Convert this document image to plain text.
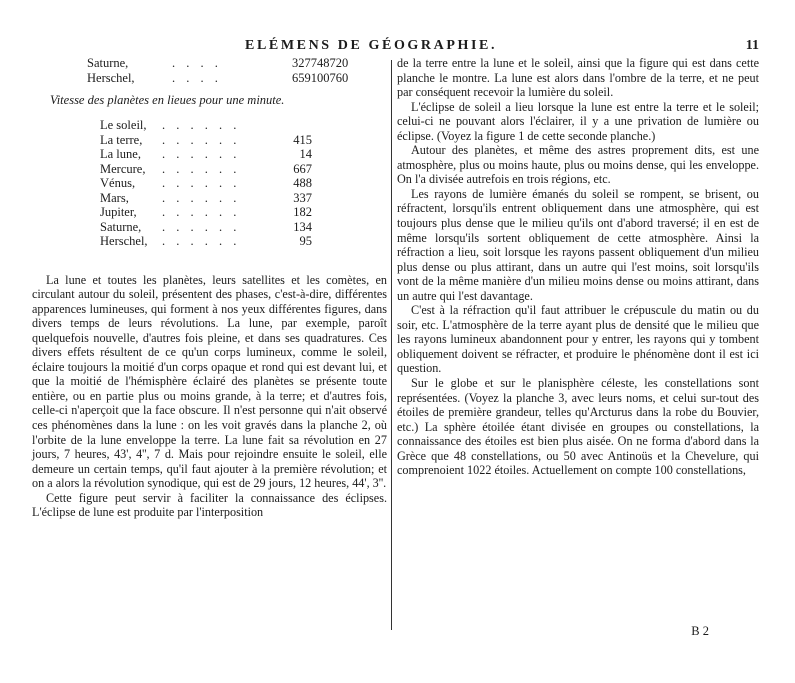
ELÉMENS DE GÉOGRAPHIE.	11
Saturne,	. . . .	327748720
Herschel,	. . . .	659100760
Vitesse des planètes en lieues pour une minute.
Le soleil, . . . . . .
La terre, . . . . . .	415
La lune, . . . . . .	14
Mercure, . . . . . .	667
Vénus, . . . . . .	488
Mars,	. . . . . .	337
Jupiter, . . . . . .	182
Saturne, . . . . . .	134
Herschel, . . . . . .	95

La lune et toutes les planètes, leurs satellites et les comètes, en circulant autour du soleil, présentent des phases, c'est-à-dire, différentes apparences lumineuses, qui forment à nos yeux différentes figures, dans divers temps de leurs révolutions. La lune, par exemple, paroît quelquefois nouvelle, d'autres fois pleine, et dans ses quadratures. Ces divers effets résultent de ce qu'un corps lumineux, comme le soleil, éclaire toujours la moitié d'un corps opaque et rond qui est devant lui, et que la moitié de l'hémisphère éclairé des planètes se présente toute entière, ou en partie plus ou moins grande, à la terre; et d'autres fois, celle-ci n'aperçoit que la face obscure. Il n'est personne qui n'ait observé ces phénomènes dans la lune : on les voit gravés dans la planche 2, où l'orbite de la lune enveloppe la terre. La lune fait sa révolution en 27 jours, 7 heures, 43', 4'', 7 d. Mais pour rejoindre ensuite le soleil, elle demeure un certain temps, qu'il faut ajouter à la première révolution; et on a alors la révolution synodique, qui est de 29 jours, 12 heures, 44', 3''.

Cette figure peut servir à faciliter la connaissance des éclipses. L'éclipse de lune est produite par l'interposition

de la terre entre la lune et le soleil, ainsi que la figure qui est dans cette planche le montre. La lune est alors dans l'ombre de la terre, et ne peut par conséquent recevoir la lumière du soleil.

L'éclipse de soleil a lieu lorsque la lune est entre la terre et le soleil; celui-ci ne pouvant alors l'éclairer, il y a une privation de lumière ou éclipse. (Voyez la figure 1 de cette seconde planche.)

Autour des planètes, et même des astres proprement dits, est une atmosphère, plus ou moins haute, plus ou moins dense, qui les enveloppe. On l'a divisée autrefois en trois régions, etc.

Les rayons de lumière émanés du soleil se rompent, se brisent, ou réfractent, lorsqu'ils entrent obliquement dans une atmosphère, qui est toujours plus dense que le milieu qu'ils ont d'abord traversé; il en est de même lorsqu'ils sortent obliquement de cette atmosphère. Ainsi la réfraction a lieu, soit lorsque les rayons passent obliquement d'un milieu plus dense ou plus attirant, dans un autre qui l'est moins, soit lorsqu'ils vont de la même manière d'un milieu moins dense ou moins attirant, dans un autre qui l'est davantage.

C'est à la réfraction qu'il faut attribuer le crépuscule du matin ou du soir, etc. L'atmosphère de la terre ayant plus de densité que le milieu que les rayons lumineux abandonnent pour y entrer, les rayons qui y tombent obliquement doivent se réfracter, et produire le phénomène dont il est ici question.

Sur le globe et sur le planisphère céleste, les constellations sont représentées. (Voyez la planche 3, avec leurs noms, et celui sur-tout des étoiles de première grandeur, telles qu'Arcturus dans la robe du Bouvier, etc.) La sphère étoilée étant divisée en groupes ou constellations, la connaissance des étoiles est bien plus aisée. On ne forma d'abord dans la Grèce que 48 constellations, ou 50 avec Antinoüs et la Chevelure, qui comprenoient 1022 étoiles. Actuellement on compte 100 constellations,

B 2
